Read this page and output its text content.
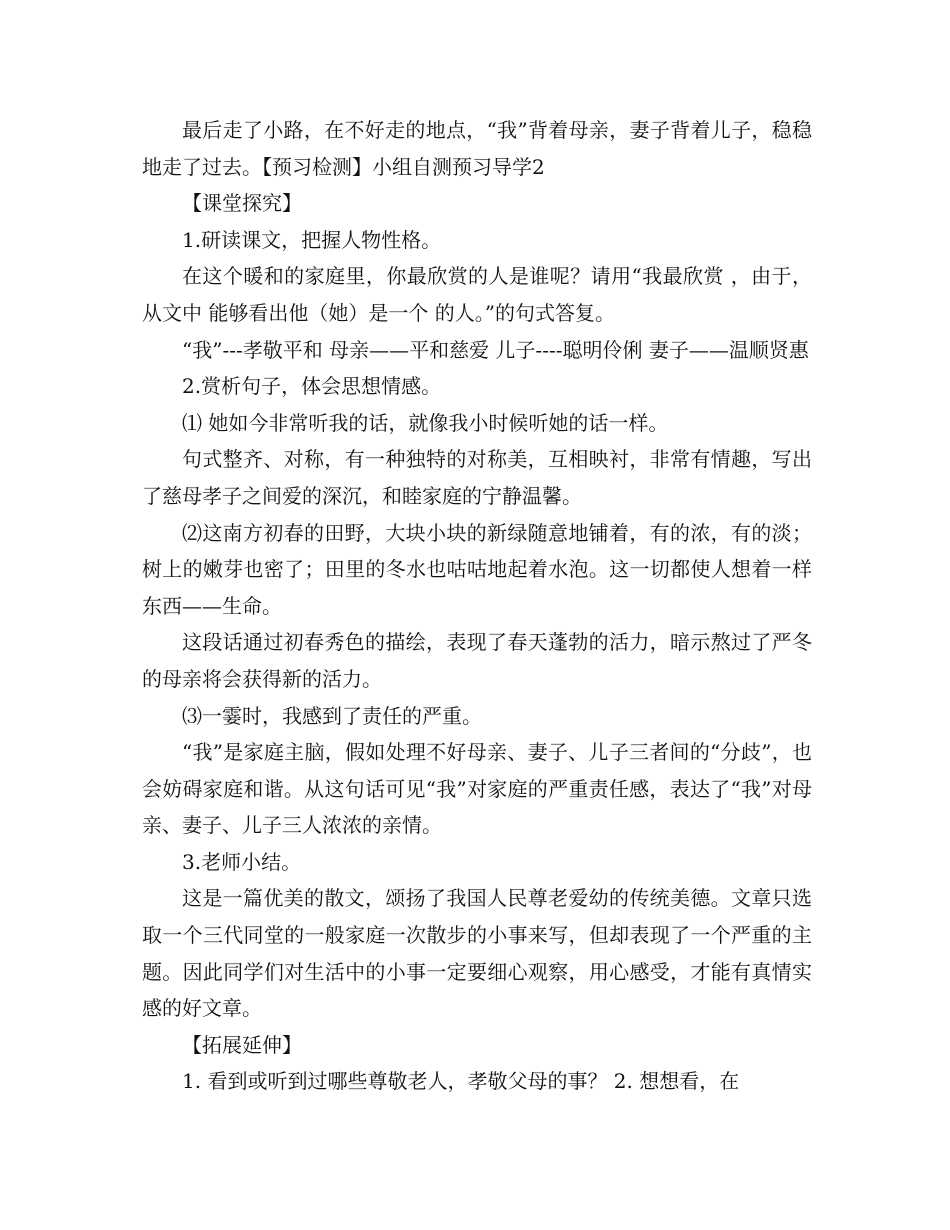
最后走了小路，在不好走的地点，“我”背着母亲，妻子背着儿子，稳稳地走了过去。【预习检测】小组自测预习导学2

【课堂探究】

1.研读课文，把握人物性格。

在这个暖和的家庭里，你最欣赏的人是谁呢？请用“我最欣赏 ，由于，从文中 能够看出他（她）是一个 的人。”的句式答复。

“我”---孝敬平和 母亲——平和慈爱 儿子----聪明伶俐 妻子——温顺贤惠

2.赏析句子，体会思想情感。

⑴ 她如今非常听我的话，就像我小时候听她的话一样。

句式整齐、对称，有一种独特的对称美，互相映衬，非常有情趣，写出了慈母孝子之间爱的深沉，和睦家庭的宁静温馨。

⑵这南方初春的田野，大块小块的新绿随意地铺着，有的浓，有的淡；树上的嫩芽也密了；田里的冬水也咕咕地起着水泡。这一切都使人想着一样东西——生命。

这段话通过初春秀色的描绘，表现了春天蓬勃的活力，暗示熬过了严冬的母亲将会获得新的活力。

⑶一霎时，我感到了责任的严重。

“我”是家庭主脑，假如处理不好母亲、妻子、儿子三者间的“分歧”，也会妨碍家庭和谐。从这句话可见“我”对家庭的严重责任感，表达了“我”对母亲、妻子、儿子三人浓浓的亲情。

3.老师小结。

这是一篇优美的散文，颂扬了我国人民尊老爱幼的传统美德。文章只选取一个三代同堂的一般家庭一次散步的小事来写，但却表现了一个严重的主题。因此同学们对生活中的小事一定要细心观察，用心感受，才能有真情实感的好文章。

【拓展延伸】

1. 看到或听到过哪些尊敬老人，孝敬父母的事？ 2. 想想看，在
